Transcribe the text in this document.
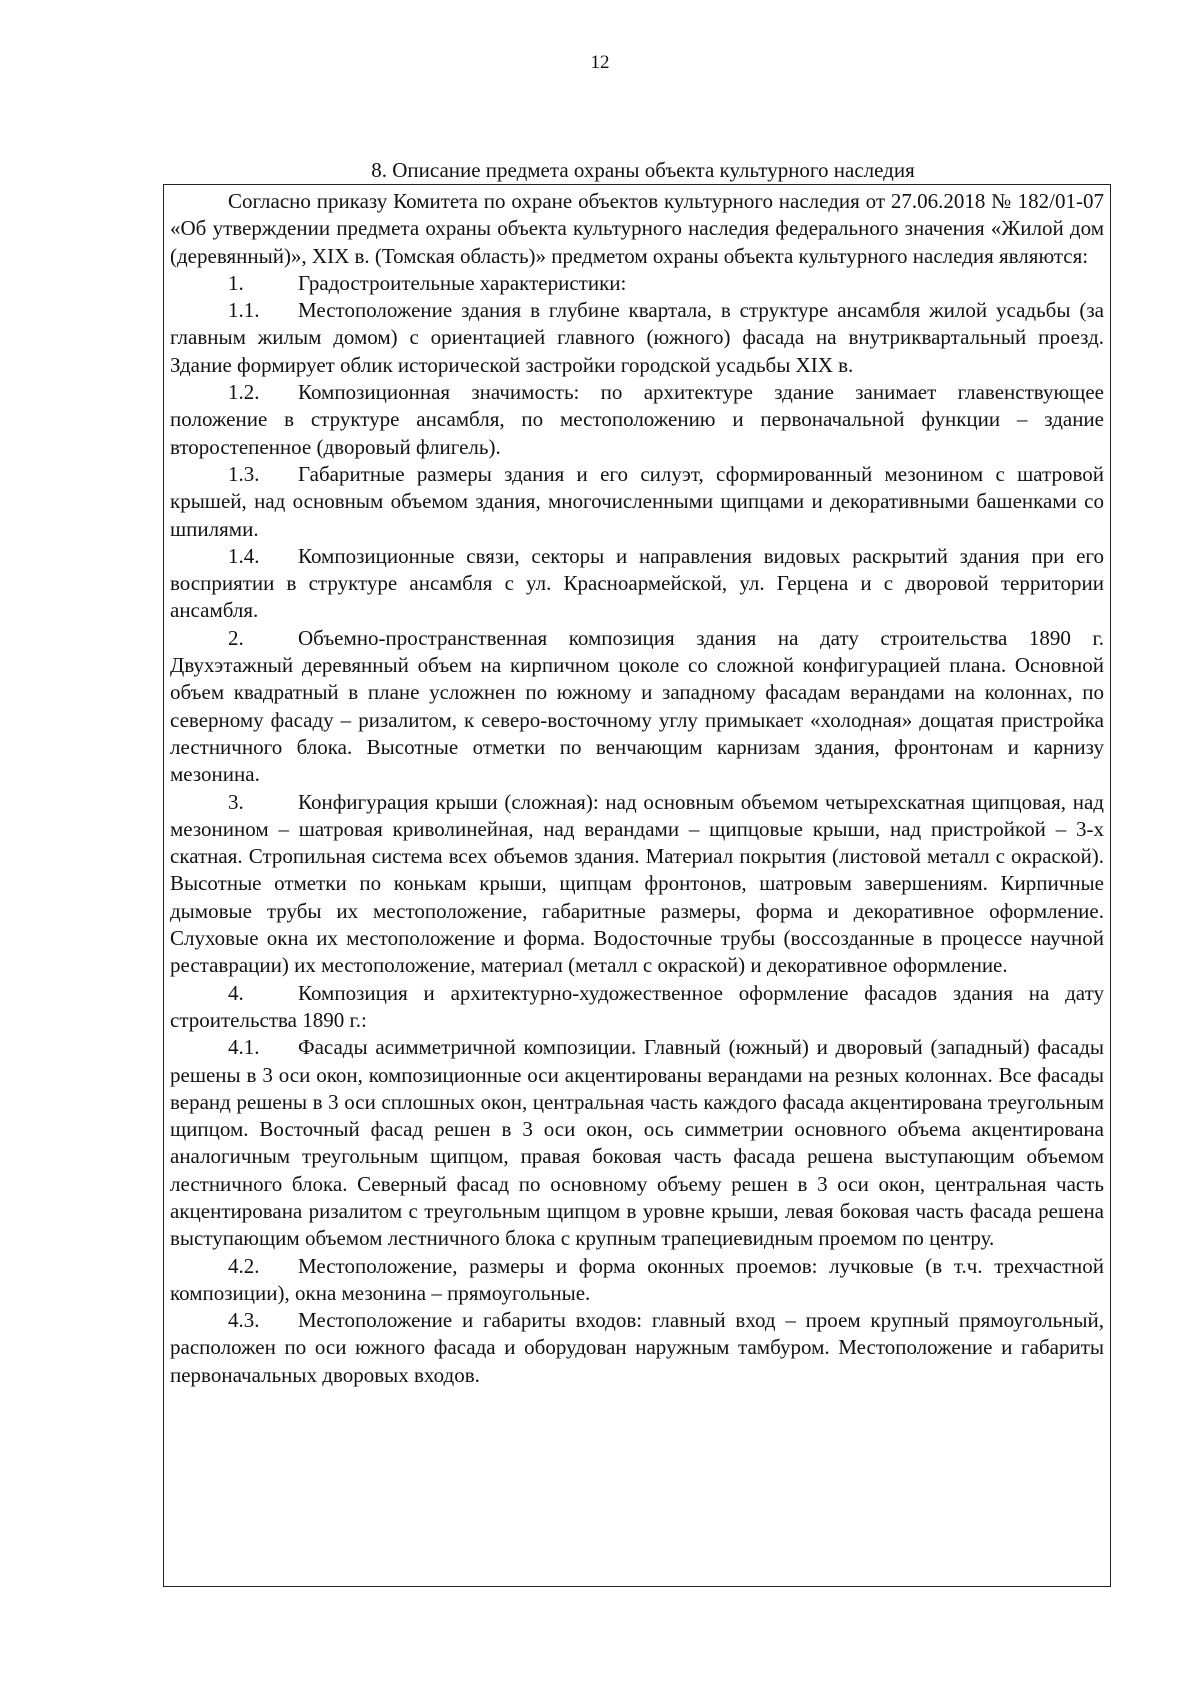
12
8. Описание предмета охраны объекта культурного наследия

Согласно приказу Комитета по охране объектов культурного наследия от 27.06.2018 № 182/01-07 «Об утверждении предмета охраны объекта культурного наследия федерального значения «Жилой дом (деревянный)», XIX в. (Томская область)» предметом охраны объекта культурного наследия являются:

1.	Градостроительные характеристики:

1.1. Местоположение здания в глубине квартала, в структуре ансамбля жилой усадьбы (за главным жилым домом) с ориентацией главного (южного) фасада на внутриквартальный проезд. Здание формирует облик исторической застройки городской усадьбы XIX в.

1.2. Композиционная значимость: по архитектуре здание занимает главенствующее положение в структуре ансамбля, по местоположению и первоначальной функции – здание второстепенное (дворовый флигель).

1.3. Габаритные размеры здания и его силуэт, сформированный мезонином с шатровой крышей, над основным объемом здания, многочисленными щипцами и декоративными башенками со шпилями.

1.4. Композиционные связи, секторы и направления видовых раскрытий здания при его восприятии в структуре ансамбля с ул. Красноармейской, ул. Герцена и с дворовой территории ансамбля.

2.	Объемно-пространственная композиция здания на дату строительства 1890 г. Двухэтажный деревянный объем на кирпичном цоколе со сложной конфигурацией плана. Основной объем квадратный в плане усложнен по южному и западному фасадам верандами на колоннах, по северному фасаду – ризалитом, к северо-восточному углу примыкает «холодная» дощатая пристройка лестничного блока. Высотные отметки по венчающим карнизам здания, фронтонам и карнизу мезонина.

3.	Конфигурация крыши (сложная): над основным объемом четырехскатная щипцовая, над мезонином – шатровая криволинейная, над верандами – щипцовые крыши, над пристройкой – 3-х скатная. Стропильная система всех объемов здания. Материал покрытия (листовой металл с окраской). Высотные отметки по конькам крыши, щипцам фронтонов, шатровым завершениям. Кирпичные дымовые трубы их местоположение, габаритные размеры, форма и декоративное оформление. Слуховые окна их местоположение и форма. Водосточные трубы (воссозданные в процессе научной реставрации) их местоположение, материал (металл с окраской) и декоративное оформление.

4.	Композиция и архитектурно-художественное оформление фасадов здания на дату строительства 1890 г.:

4.1. Фасады асимметричной композиции. Главный (южный) и дворовый (западный) фасады решены в 3 оси окон, композиционные оси акцентированы верандами на резных колоннах. Все фасады веранд решены в 3 оси сплошных окон, центральная часть каждого фасада акцентирована треугольным щипцом. Восточный фасад решен в 3 оси окон, ось симметрии основного объема акцентирована аналогичным треугольным щипцом, правая боковая часть фасада решена выступающим объемом лестничного блока. Северный фасад по основному объему решен в 3 оси окон, центральная часть акцентирована ризалитом с треугольным щипцом в уровне крыши, левая боковая часть фасада решена выступающим объемом лестничного блока с крупным трапециевидным проемом по центру.

4.2. Местоположение, размеры и форма оконных проемов: лучковые (в т.ч. трехчастной композиции), окна мезонина – прямоугольные.

4.3. Местоположение и габариты входов: главный вход – проем крупный прямоугольный, расположен по оси южного фасада и оборудован наружным тамбуром. Местоположение и габариты первоначальных дворовых входов.
